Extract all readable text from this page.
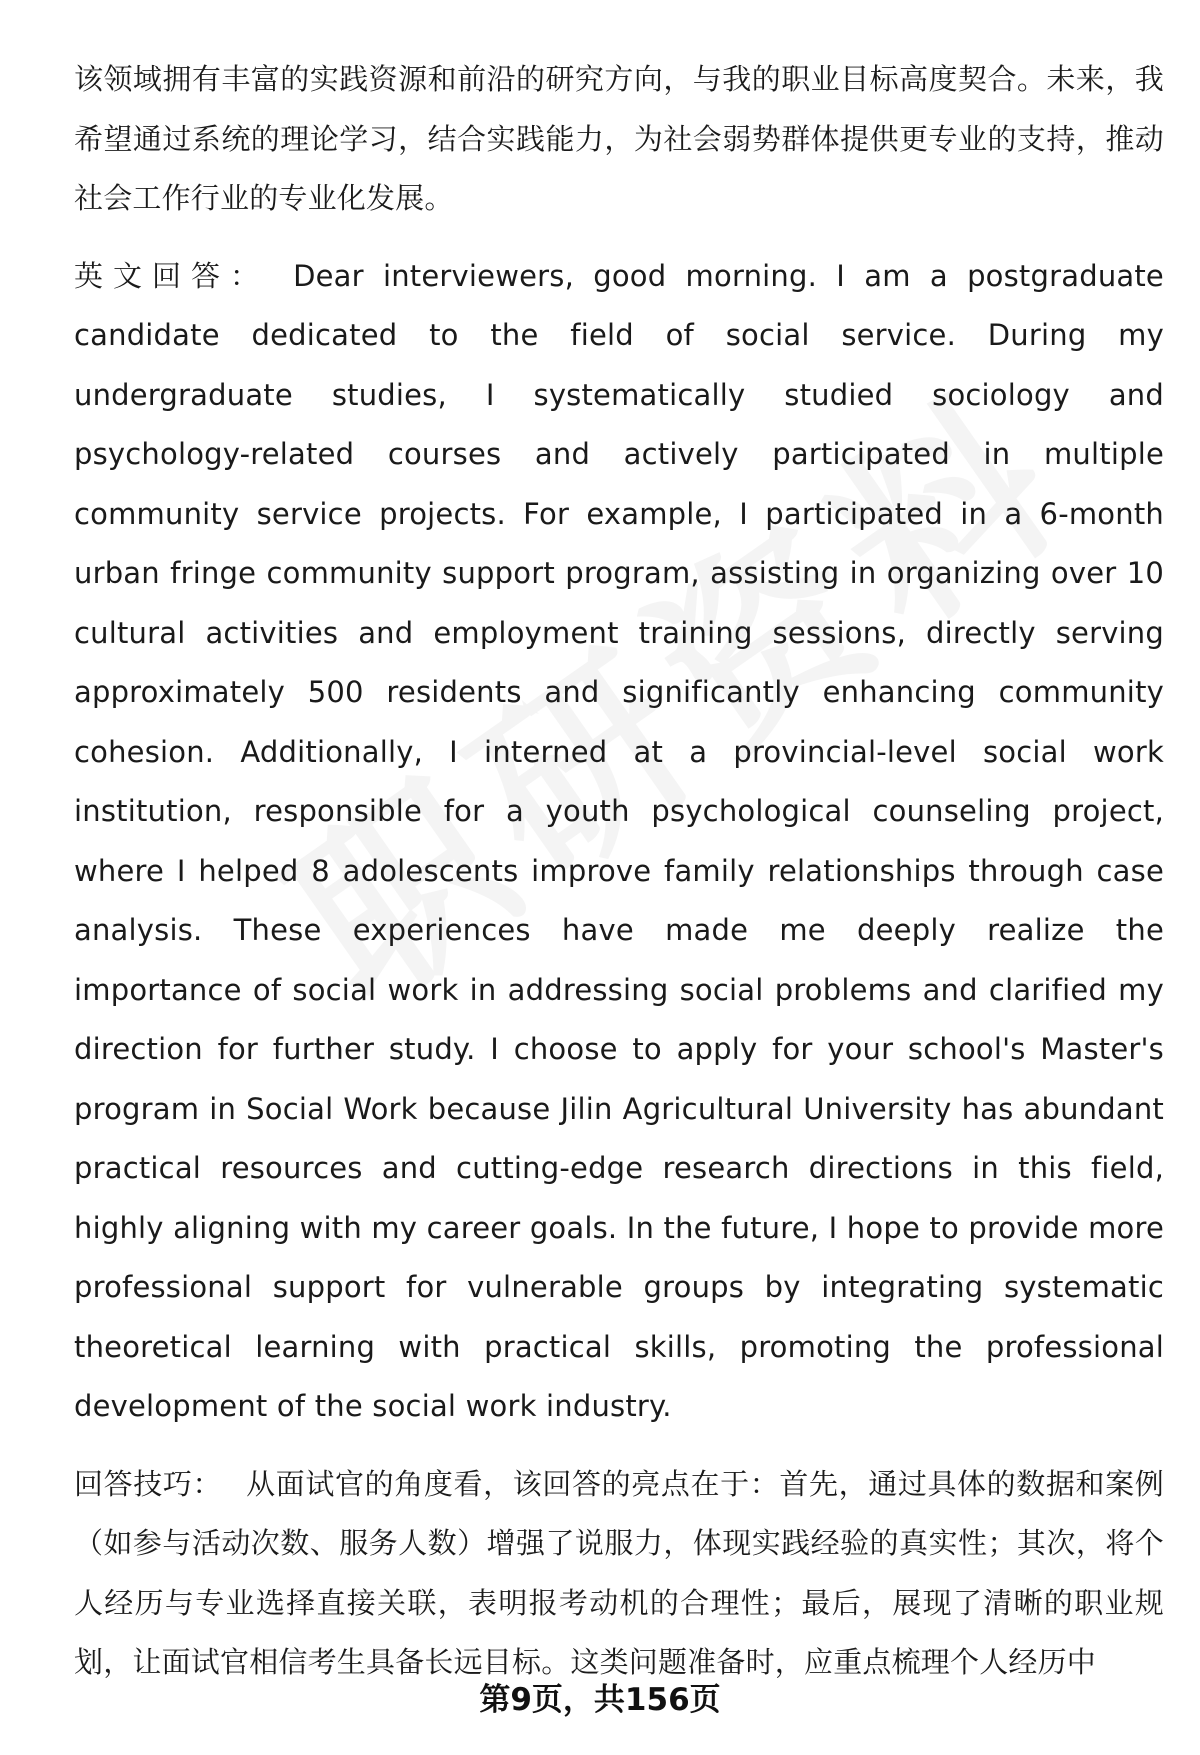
该领域拥有丰富的实践资源和前沿的研究方向，与我的职业目标高度契合。未来，我希望通过系统的理论学习，结合实践能力，为社会弱势群体提供更专业的支持，推动社会工作行业的专业化发展。

英文回答： Dear interviewers, good morning. I am a postgraduate candidate dedicated to the field of social service. During my undergraduate studies, I systematically studied sociology and psychology-related courses and actively participated in multiple community service projects. For example, I participated in a 6-month urban fringe community support program, assisting in organizing over 10 cultural activities and employment training sessions, directly serving approximately 500 residents and significantly enhancing community cohesion. Additionally, I interned at a provincial-level social work institution, responsible for a youth psychological counseling project, where I helped 8 adolescents improve family relationships through case analysis. These experiences have made me deeply realize the importance of social work in addressing social problems and clarified my direction for further study. I choose to apply for your school's Master's program in Social Work because Jilin Agricultural University has abundant practical resources and cutting-edge research directions in this field, highly aligning with my career goals. In the future, I hope to provide more professional support for vulnerable groups by integrating systematic theoretical learning with practical skills, promoting the professional development of the social work industry.

回答技巧： 从面试官的角度看，该回答的亮点在于：首先，通过具体的数据和案例（如参与活动次数、服务人数）增强了说服力，体现实践经验的真实性；其次，将个人经历与专业选择直接关联，表明报考动机的合理性；最后，展现了清晰的职业规划，让面试官相信考生具备长远目标。这类问题准备时，应重点梳理个人经历中

第9页，共156页
